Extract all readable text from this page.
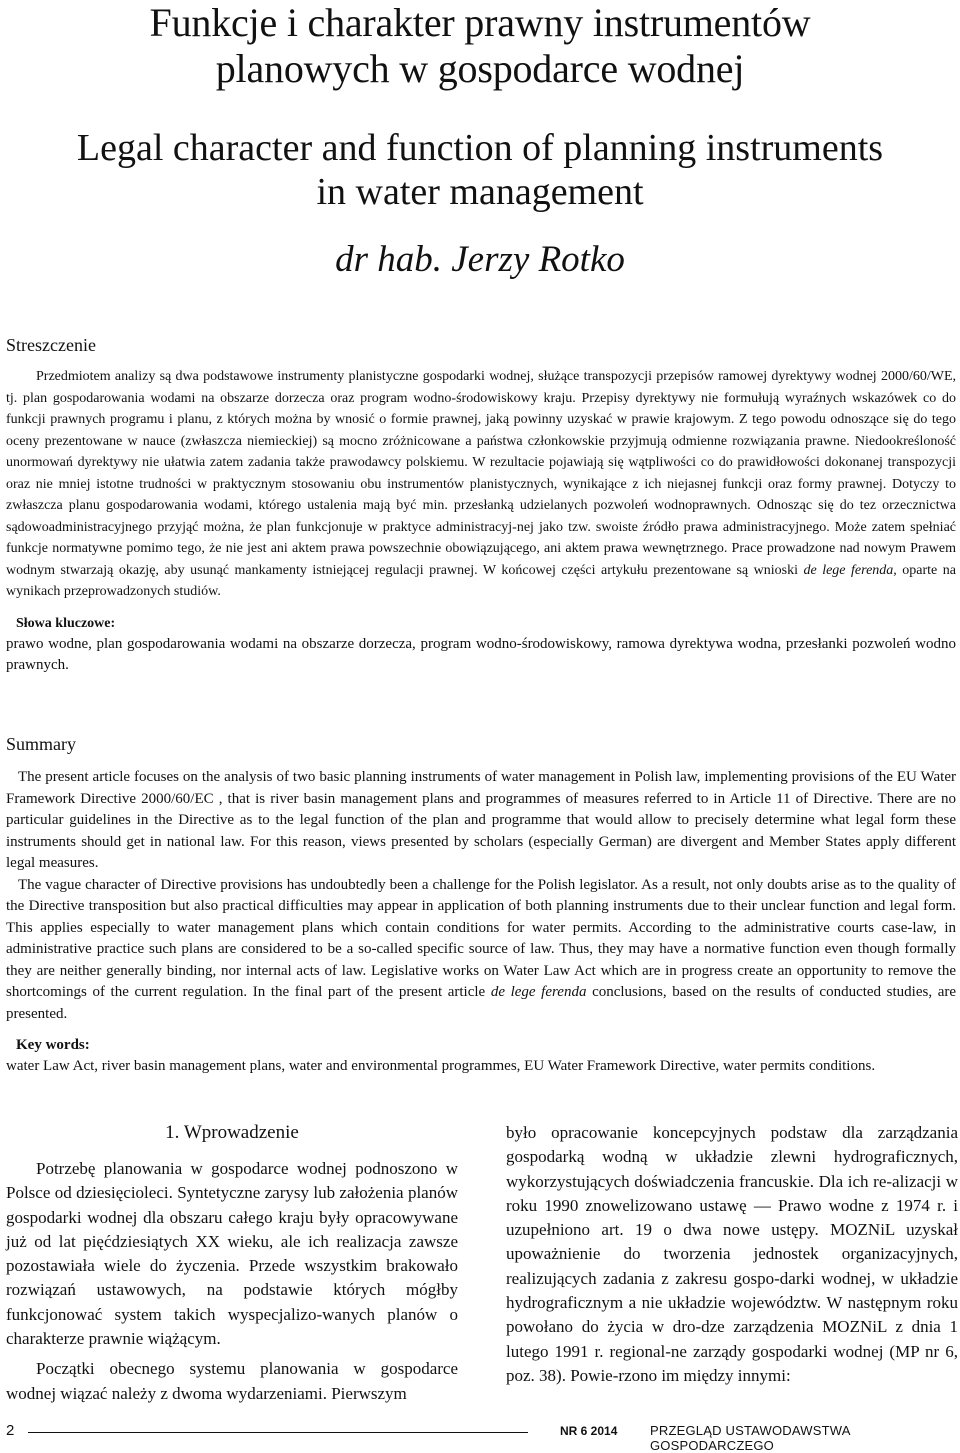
Funkcje i charakter prawny instrumentów
planowych w gospodarce wodnej
Legal character and function of planning instruments
in water management
dr hab. Jerzy Rotko
Streszczenie

Przedmiotem analizy są dwa podstawowe instrumenty planistyczne gospodarki wodnej, służące transpozycji przepisów ramowej dyrektywy wodnej 2000/60/WE, tj. plan gospodarowania wodami na obszarze dorzecza oraz program wodno-środowiskowy kraju. Przepisy dyrektywy nie formułują wyraźnych wskazówek co do funkcji prawnych programu i planu, z których można by wnosić o formie prawnej, jaką powinny uzyskać w prawie krajowym. Z tego powodu odnoszące się do tego oceny prezentowane w nauce (zwłaszcza niemieckiej) są mocno zróżnicowane a państwa członkowskie przyjmują odmienne rozwiązania prawne. Niedookreśloność unormowań dyrektywy nie ułatwia zatem zadania także prawodawcy polskiemu. W rezultacie pojawiają się wątpliwości co do prawidłowości dokonanej transpozycji oraz nie mniej istotne trudności w praktycznym stosowaniu obu instrumentów planistycznych, wynikające z ich niejasnej funkcji oraz formy prawnej. Dotyczy to zwłaszcza planu gospodarowania wodami, którego ustalenia mają być min. przesłanką udzielanych pozwoleń wodnoprawnych. Odnosząc się do tez orzecznictwa sądowoadministracyjnego przyjąć można, że plan funkcjonuje w praktyce administracyj-nej jako tzw. swoiste źródło prawa administracyjnego. Może zatem spełniać funkcje normatywne pomimo tego, że nie jest ani aktem prawa powszechnie obowiązującego, ani aktem prawa wewnętrznego. Prace prowadzone nad nowym Prawem wodnym stwarzają okazję, aby usunąć mankamenty istniejącej regulacji prawnej. W końcowej części artykułu prezentowane są wnioski de lege ferenda, oparte na wynikach przeprowadzonych studiów.

Słowa kluczowe:

prawo wodne, plan gospodarowania wodami na obszarze dorzecza, program wodno-środowiskowy, ramowa dyrektywa wodna, przesłanki pozwoleń wodno prawnych.

Summary

The present article focuses on the analysis of two basic planning instruments of water management in Polish law, implementing provisions of the EU Water Framework Directive 2000/60/EC , that is river basin management plans and programmes of measures referred to in Article 11 of Directive. There are no particular guidelines in the Directive as to the legal function of the plan and programme that would allow to precisely determine what legal form these instruments should get in national law. For this reason, views presented by scholars (especially German) are divergent and Member States apply different legal measures.

The vague character of Directive provisions has undoubtedly been a challenge for the Polish legislator. As a result, not only doubts arise as to the quality of the Directive transposition but also practical difficulties may appear in application of both planning instruments due to their unclear function and legal form. This applies especially to water management plans which contain conditions for water permits. According to the administrative courts case-law, in administrative practice such plans are considered to be a so-called specific source of law. Thus, they may have a normative function even though formally they are neither generally binding, nor internal acts of law. Legislative works on Water Law Act which are in progress create an opportunity to remove the shortcomings of the current regulation. In the final part of the present article de lege ferenda conclusions, based on the results of conducted studies, are presented.

Key words:

water Law Act, river basin management plans, water and environmental programmes, EU Water Framework Directive, water permits conditions.

1. Wprowadzenie

Potrzebę planowania w gospodarce wodnej podnoszono w Polsce od dziesięcioleci. Syntetyczne zarysy lub założenia planów gospodarki wodnej dla obszaru całego kraju były opracowywane już od lat pięćdziesiątych XX wieku, ale ich realizacja zawsze pozostawiała wiele do życzenia. Przede wszystkim brakowało rozwiązań ustawowych, na podstawie których mógłby funkcjonować system takich wyspecjalizo-wanych planów o charakterze prawnie wiążącym.

Początki obecnego systemu planowania w gospodarce wodnej wiązać należy z dwoma wydarzeniami. Pierwszym

było opracowanie koncepcyjnych podstaw dla zarządzania gospodarką wodną w układzie zlewni hydrograficznych, wykorzystujących doświadczenia francuskie. Dla ich re-alizacji w roku 1990 znowelizowano ustawę — Prawo wodne z 1974 r. i uzupełniono art. 19 o dwa nowe ustępy. MOZNiL uzyskał upoważnienie do tworzenia jednostek organizacyjnych, realizujących zadania z zakresu gospo-darki wodnej, w układzie hydrograficznym a nie układzie województw. W następnym roku powołano do życia w dro-dze zarządzenia MOZNiL z dnia 1 lutego 1991 r. regional-ne zarządy gospodarki wodnej (MP nr 6, poz. 38). Powie-rzono im między innymi:

2	NR 6 2014	PRZEGLĄD USTAWODAWSTWA GOSPODARCZEGO
